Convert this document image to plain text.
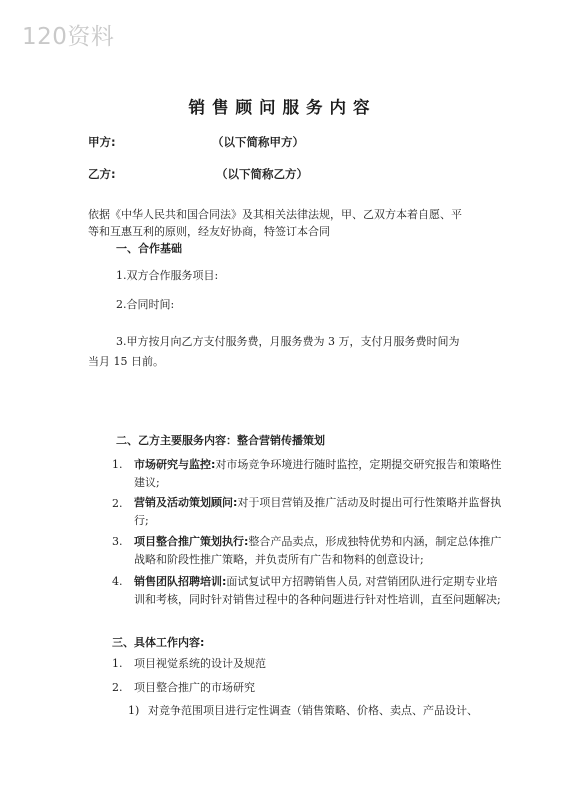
120资料
销售顾问服务内容
甲方:	（以下简称甲方）
乙方:	（以下简称乙方）
依据《中华人民共和国合同法》及其相关法律法规，甲、乙双方本着自愿、平
等和互惠互利的原则，经友好协商，特签订本合同
一、合作基础
1.双方合作服务项目:
2.合同时间:
3.甲方按月向乙方支付服务费，月服务费为 3 万，支付月服务费时间为
当月 15 日前。
二、乙方主要服务内容：整合营销传播策划
1. 市场研究与监控:对市场竞争环境进行随时监控，定期提交研究报告和策略性建议;
2. 营销及活动策划顾问:对于项目营销及推广活动及时提出可行性策略并监督执行;
3. 项目整合推广策划执行:整合产品卖点，形成独特优势和内涵，制定总体推广战略和阶段性推广策略，并负责所有广告和物料的创意设计;
4. 销售团队招聘培训:面试复试甲方招聘销售人员, 对营销团队进行定期专业培训和考核，同时针对销售过程中的各种问题进行针对性培训，直至问题解决;
三、具体工作内容:
1. 项目视觉系统的设计及规范
2. 项目整合推广的市场研究
1) 对竞争范围项目进行定性调查（销售策略、价格、卖点、产品设计、
